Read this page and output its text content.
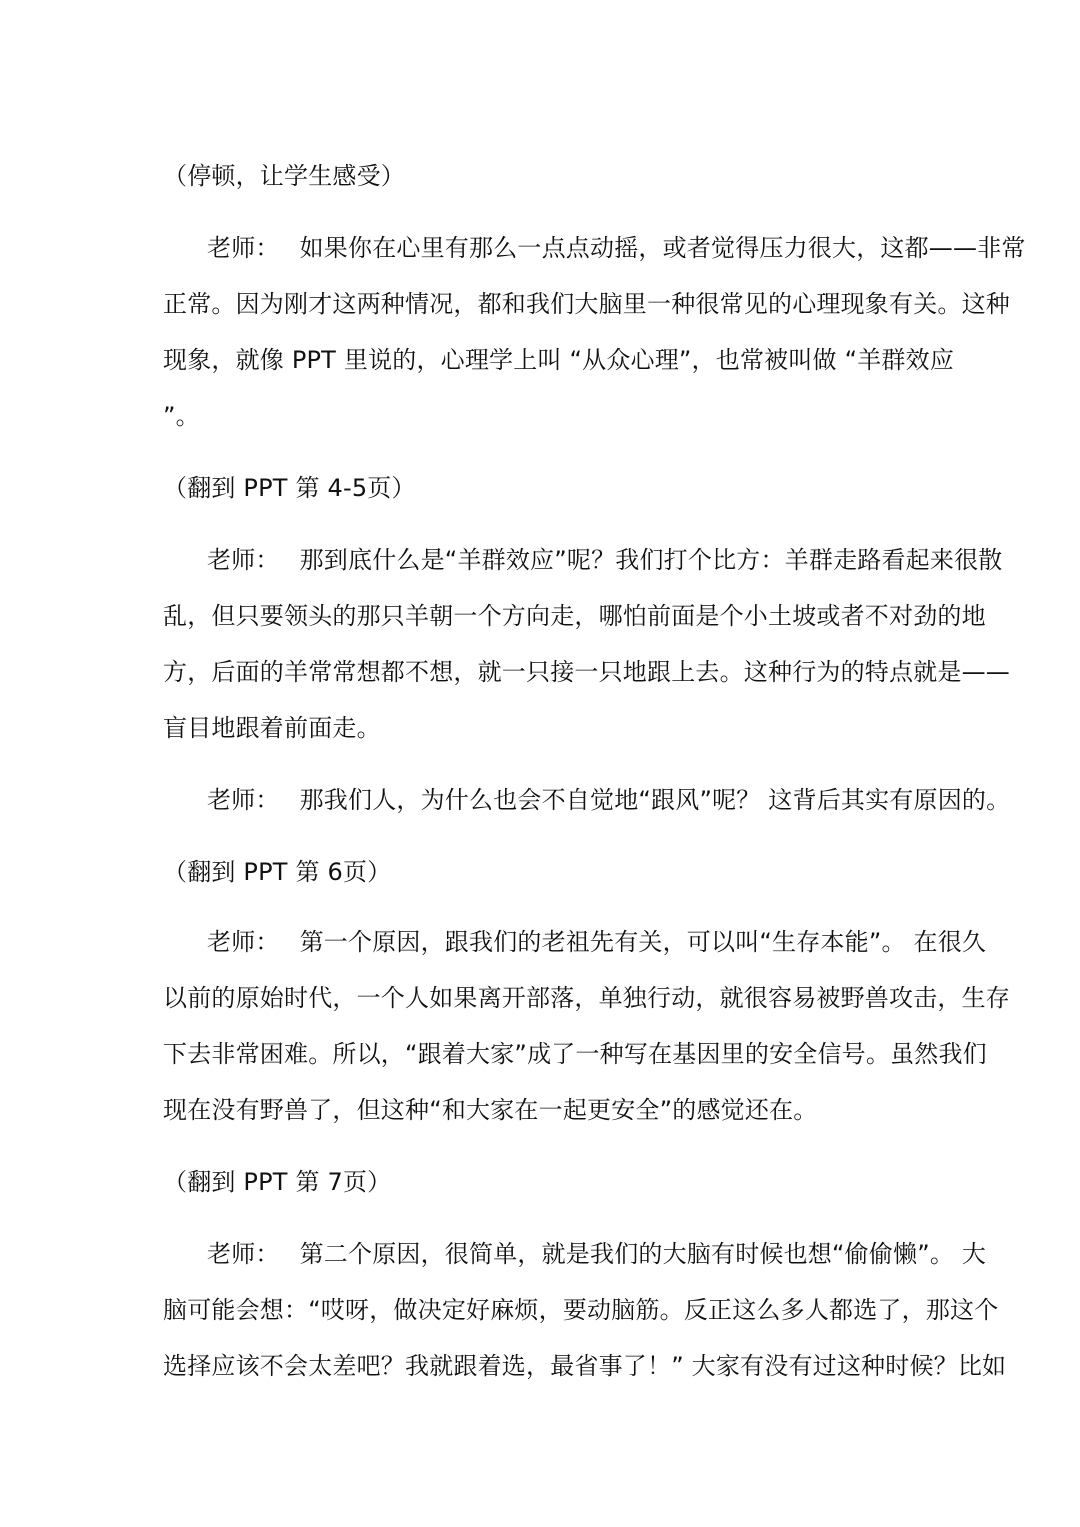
（停顿，让学生感受）
老师： 如果你在心里有那么一点点动摇，或者觉得压力很大，这都——非常
正常。因为刚才这两种情况，都和我们大脑里一种很常见的心理现象有关。这种
现象，就像 PPT 里说的，心理学上叫 “从众心理”，也常被叫做 “羊群效应
”。
（翻到 PPT 第 4-5页）
老师： 那到底什么是“羊群效应”呢？我们打个比方：羊群走路看起来很散
乱，但只要领头的那只羊朝一个方向走，哪怕前面是个小土坡或者不对劲的地
方，后面的羊常常想都不想，就一只接一只地跟上去。这种行为的特点就是——
盲目地跟着前面走。
老师： 那我们人，为什么也会不自觉地“跟风”呢？ 这背后其实有原因的。
（翻到 PPT 第 6页）
老师： 第一个原因，跟我们的老祖先有关，可以叫“生存本能”。 在很久
以前的原始时代，一个人如果离开部落，单独行动，就很容易被野兽攻击，生存
下去非常困难。所以，“跟着大家”成了一种写在基因里的安全信号。虽然我们
现在没有野兽了，但这种“和大家在一起更安全”的感觉还在。
（翻到 PPT 第 7页）
老师： 第二个原因，很简单，就是我们的大脑有时候也想“偷偷懒”。 大
脑可能会想：“哎呀，做决定好麻烦，要动脑筋。反正这么多人都选了，那这个
选择应该不会太差吧？我就跟着选，最省事了！” 大家有没有过这种时候？比如
